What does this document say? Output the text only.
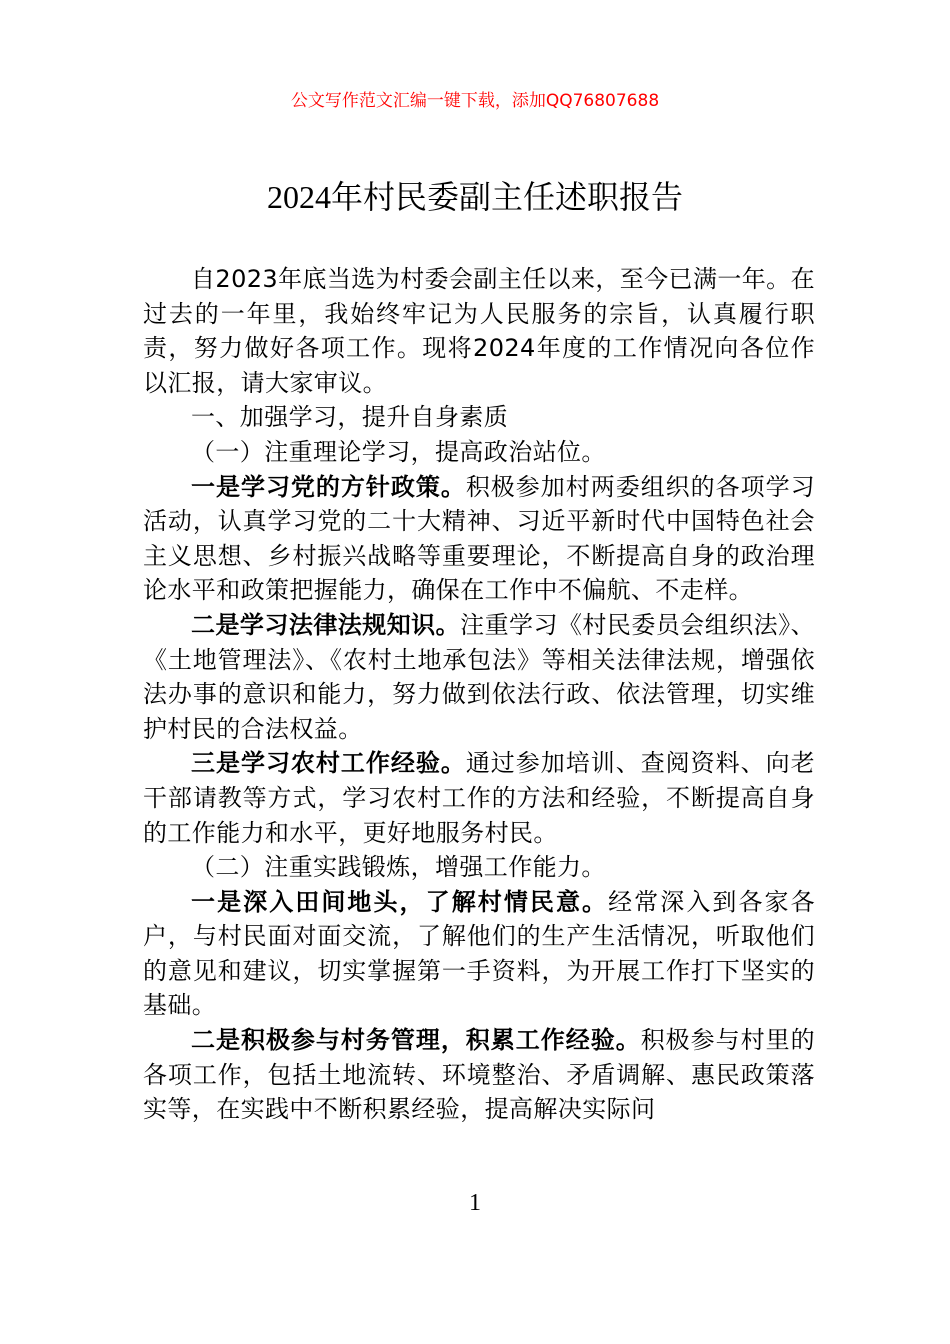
公文写作范文汇编一键下载，添加QQ76807688
2024年村民委副主任述职报告

自2023年底当选为村委会副主任以来，至今已满一年。在过去的一年里，我始终牢记为人民服务的宗旨，认真履行职责，努力做好各项工作。现将2024年度的工作情况向各位作以汇报，请大家审议。

一、加强学习，提升自身素质

（一）注重理论学习，提高政治站位。

一是学习党的方针政策。积极参加村两委组织的各项学习活动，认真学习党的二十大精神、习近平新时代中国特色社会主义思想、乡村振兴战略等重要理论，不断提高自身的政治理论水平和政策把握能力，确保在工作中不偏航、不走样。

二是学习法律法规知识。注重学习《村民委员会组织法》、《土地管理法》、《农村土地承包法》等相关法律法规，增强依法办事的意识和能力，努力做到依法行政、依法管理，切实维护村民的合法权益。

三是学习农村工作经验。通过参加培训、查阅资料、向老干部请教等方式，学习农村工作的方法和经验，不断提高自身的工作能力和水平，更好地服务村民。

（二）注重实践锻炼，增强工作能力。

一是深入田间地头，了解村情民意。经常深入到各家各户，与村民面对面交流，了解他们的生产生活情况，听取他们的意见和建议，切实掌握第一手资料，为开展工作打下坚实的基础。

二是积极参与村务管理，积累工作经验。积极参与村里的各项工作，包括土地流转、环境整治、矛盾调解、惠民政策落实等，在实践中不断积累经验，提高解决实际问

1
